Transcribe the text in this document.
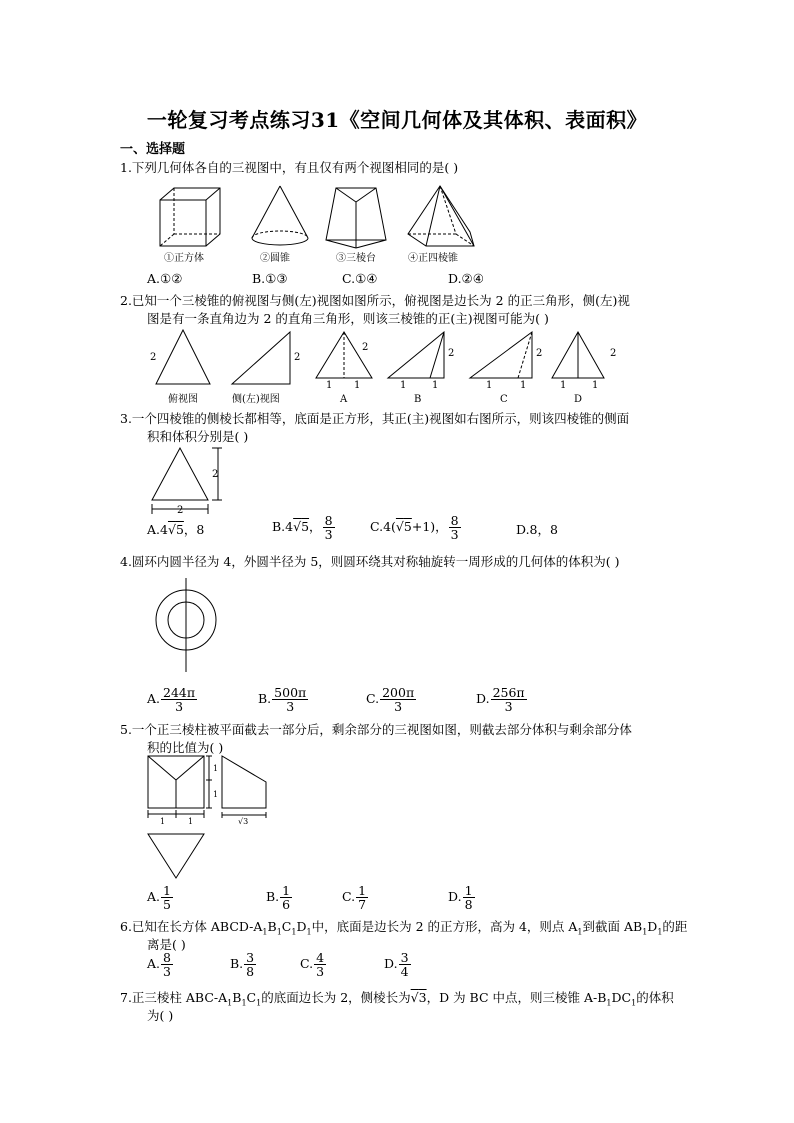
一轮复习考点练习31《空间几何体及其体积、表面积》
一、选择题
1.下列几何体各自的三视图中，有且仅有两个视图相同的是( )
①正方体	②圆锥	③三棱台	④正四棱锥
A.①②	B.①③	C.①④	D.②④
2.已知一个三棱锥的俯视图与侧(左)视图如图所示，俯视图是边长为 2 的正三角形，侧(左)视
图是有一条直角边为 2 的直角三角形，则该三棱锥的正(主)视图可能为( )
2	2
2
2	2	2
1 1	1	1	1	1	1	1
俯视图	侧(左)视图	A	B	C	D
3.一个四棱锥的侧棱长都相等，底面是正方形，其正(主)视图如右图所示，则该四棱锥的侧面
积和体积分别是( )
2
2
A.4√5，8	B.4√5， $\frac{8}{3}$	C.4(√5+1)， $\frac{8}{3}$	D.8，8
4.圆环内圆半径为 4，外圆半径为 5，则圆环绕其对称轴旋转一周形成的几何体的体积为( )
A. $\frac{244\pi}{3}$	B. $\frac{500\pi}{3}$	C. $\frac{200\pi}{3}$	D. $\frac{256\pi}{3}$
5.一个正三棱柱被平面截去一部分后，剩余部分的三视图如图，则截去部分体积与剩余部分体
积的比值为( )
1	1
1
1
√3
A. $\frac{1}{5}$	B. $\frac{1}{6}$	C. $\frac{1}{7}$	D. $\frac{1}{8}$
6.已知在长方体 ABCD-$A_1B_1C_1D_1$中，底面是边长为 2 的正方形，高为 4，则点 $A_1$到截面 $AB_1D_1$的距
离是( )
A. $\frac{8}{3}$	B. $\frac{3}{8}$	C. $\frac{4}{3}$	D. $\frac{3}{4}$
7.正三棱柱 ABC-$A_1B_1C_1$的底面边长为 2，侧棱长为√3，D 为 BC 中点，则三棱锥 $A-B_1DC_1$的体积
为( )
